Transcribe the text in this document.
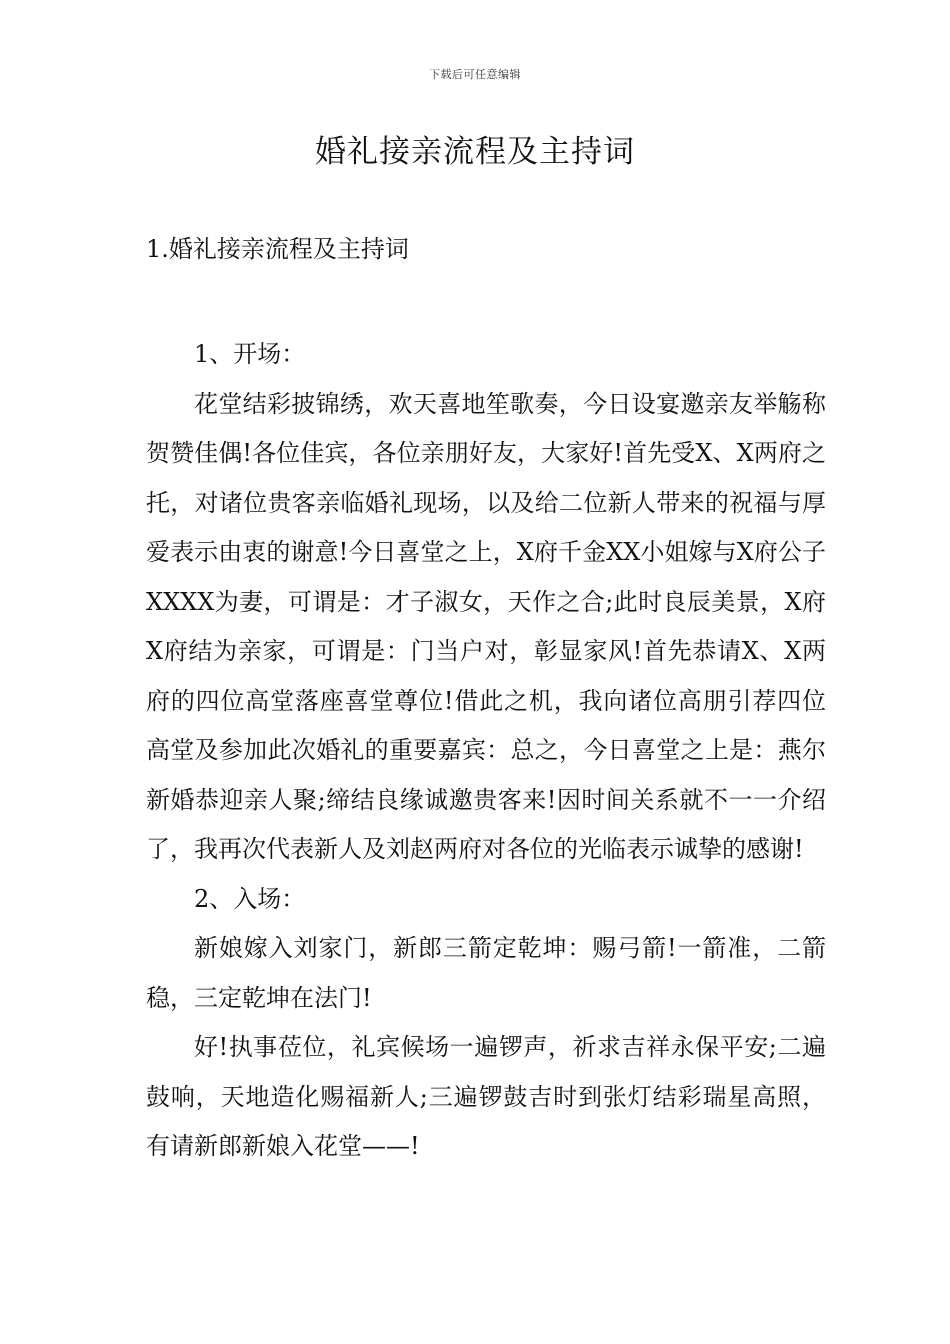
下载后可任意编辑
婚礼接亲流程及主持词
1.婚礼接亲流程及主持词

1、开场：

花堂结彩披锦绣，欢天喜地笙歌奏，今日设宴邀亲友举觞称贺赞佳偶!各位佳宾，各位亲朋好友，大家好!首先受X、X两府之托，对诸位贵客亲临婚礼现场，以及给二位新人带来的祝福与厚爱表示由衷的谢意!今日喜堂之上，X府千金XX小姐嫁与X府公子XXXX为妻，可谓是：才子淑女，天作之合;此时良辰美景，X府X府结为亲家，可谓是：门当户对，彰显家风!首先恭请X、X两府的四位高堂落座喜堂尊位!借此之机，我向诸位高朋引荐四位高堂及参加此次婚礼的重要嘉宾：总之，今日喜堂之上是：燕尔新婚恭迎亲人聚;缔结良缘诚邀贵客来!因时间关系就不一一介绍了，我再次代表新人及刘赵两府对各位的光临表示诚挚的感谢!

2、入场：

新娘嫁入刘家门，新郎三箭定乾坤：赐弓箭!一箭准，二箭稳，三定乾坤在法门!

好!执事莅位，礼宾候场一遍锣声，祈求吉祥永保平安;二遍鼓响，天地造化赐福新人;三遍锣鼓吉时到张灯结彩瑞星高照，有请新郎新娘入花堂——!
